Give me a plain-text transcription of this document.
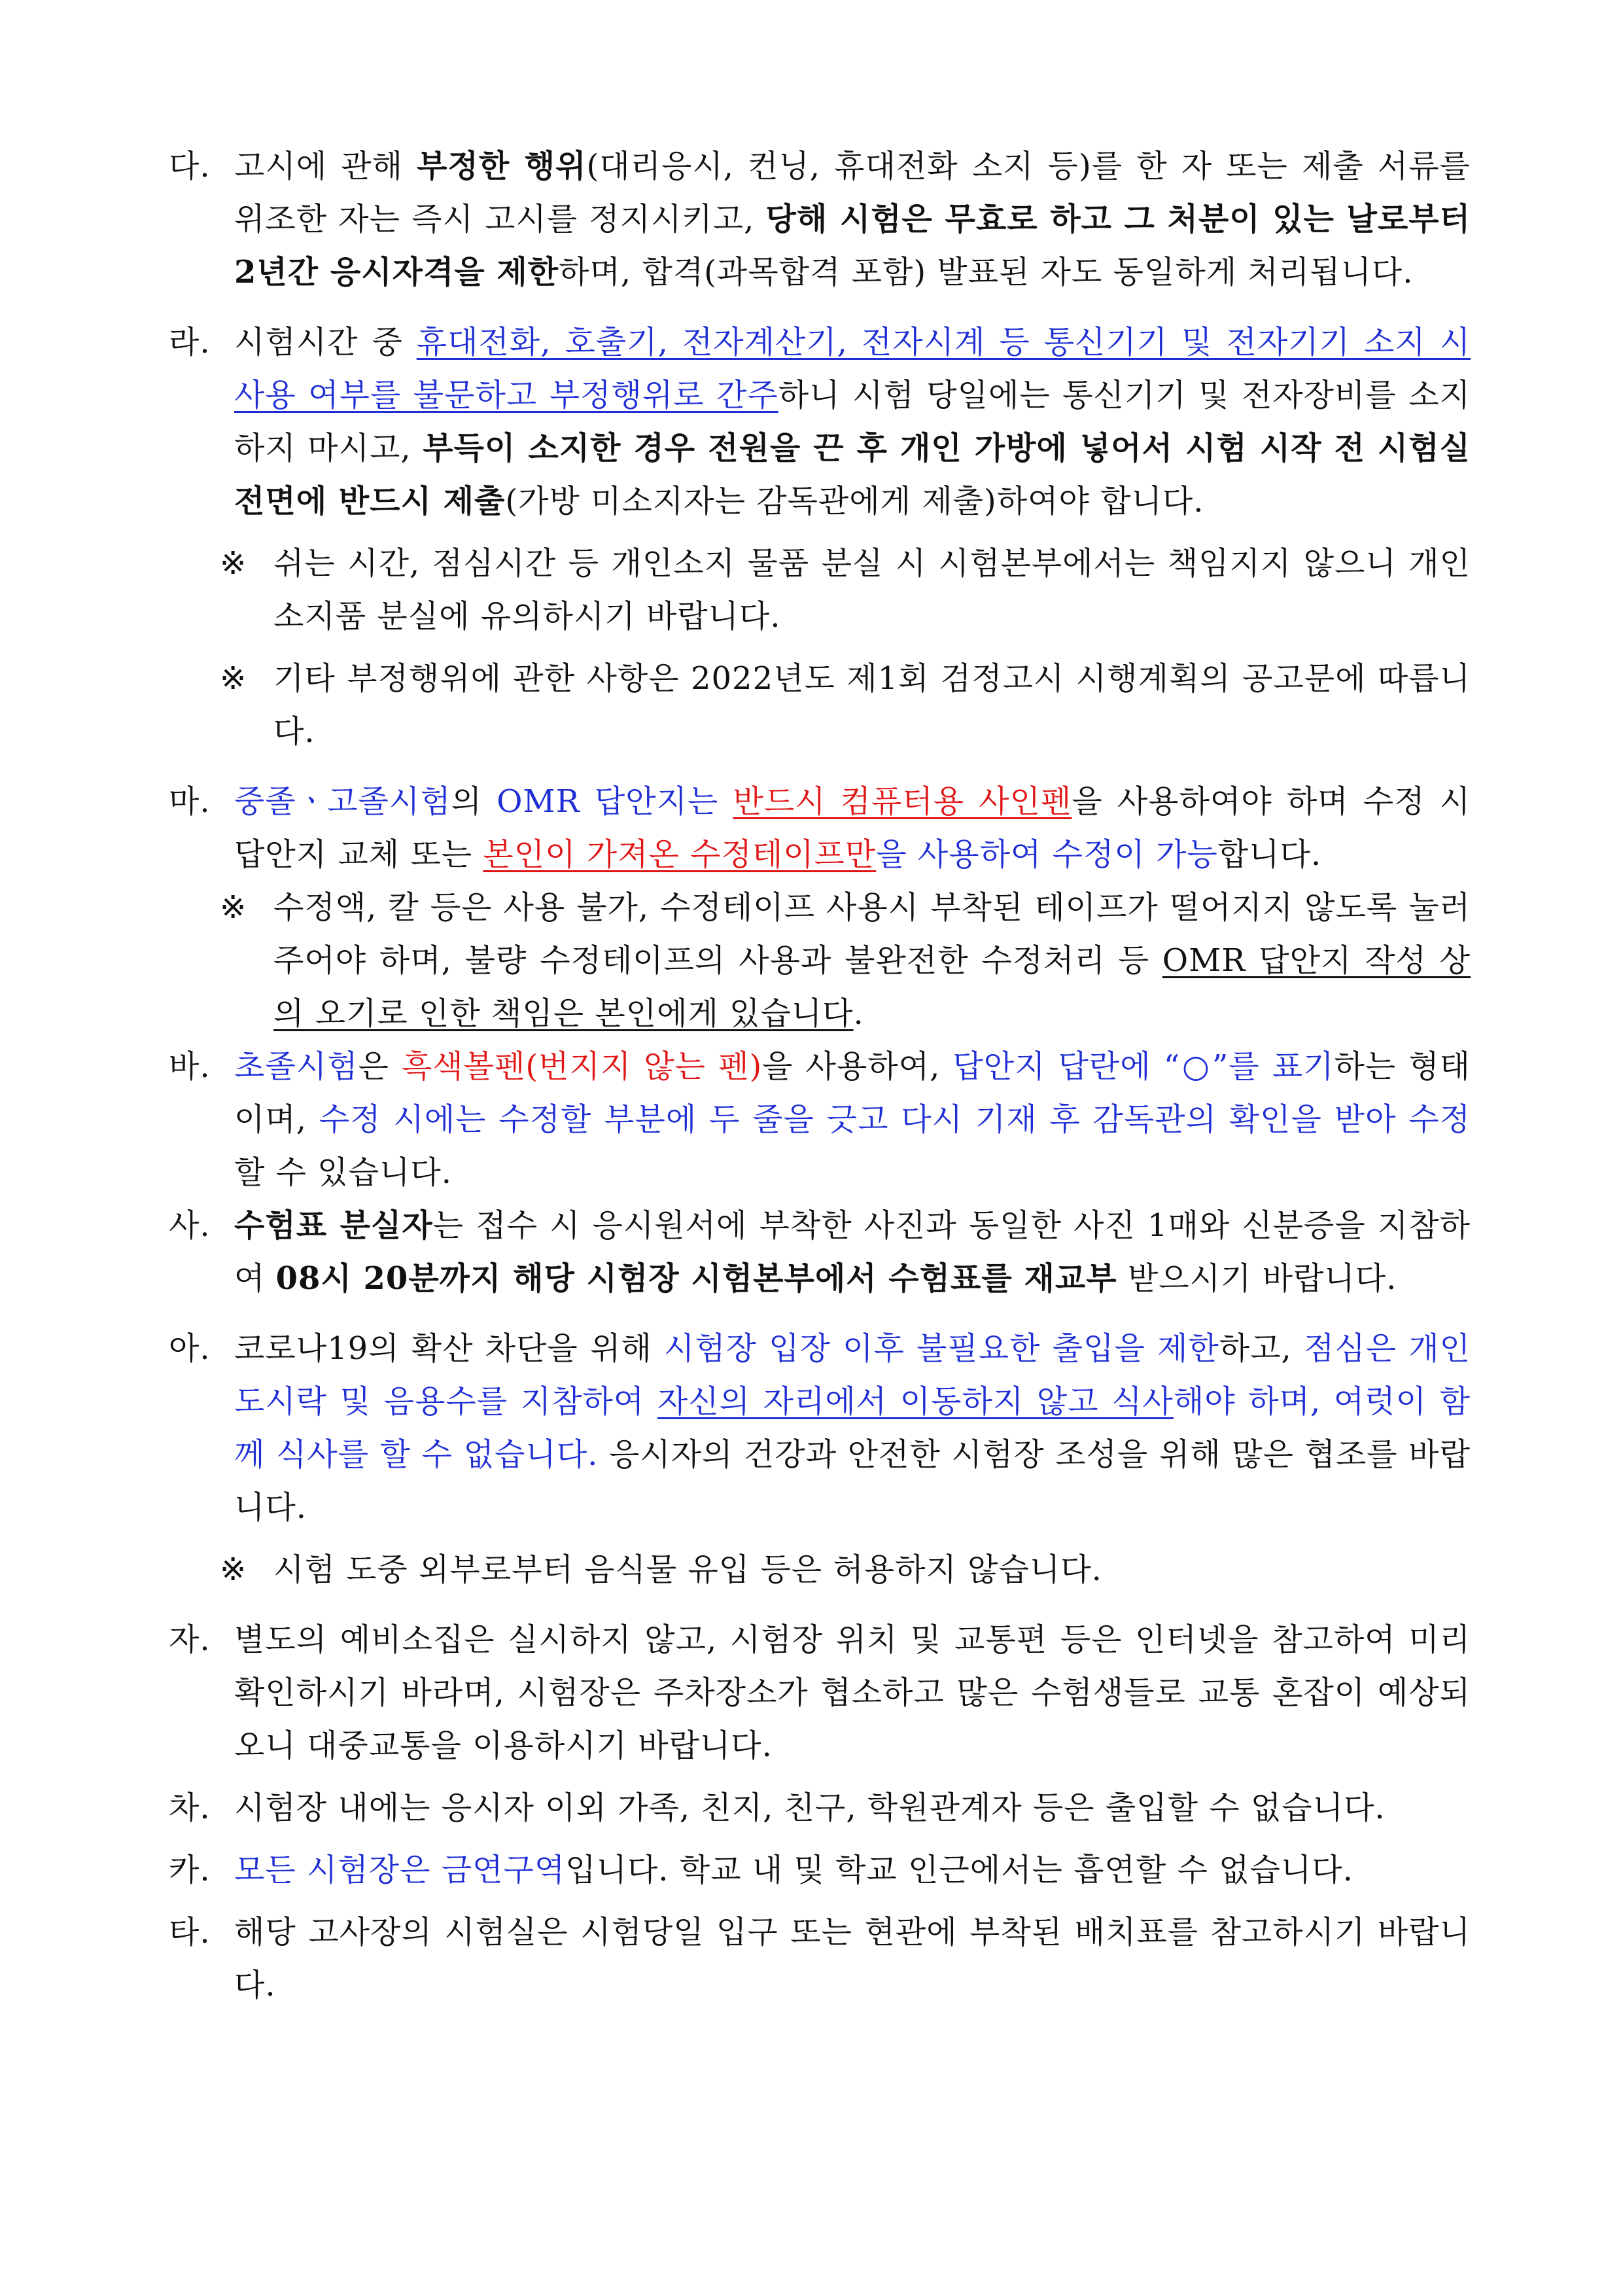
다. 고시에 관해 부정한 행위(대리응시, 컨닝, 휴대전화 소지 등)를 한 자 또는 제출 서류를 위조한 자는 즉시 고시를 정지시키고, 당해 시험은 무효로 하고 그 처분이 있는 날로부터 2년간 응시자격을 제한하며, 합격(과목합격 포함) 발표된 자도 동일하게 처리됩니다.
라. 시험시간 중 휴대전화, 호출기, 전자계산기, 전자시계 등 통신기기 및 전자기기 소지 시 사용 여부를 불문하고 부정행위로 간주하니 시험 당일에는 통신기기 및 전자장비를 소지하지 마시고, 부득이 소지한 경우 전원을 끈 후 개인 가방에 넣어서 시험 시작 전 시험실 전면에 반드시 제출(가방 미소지자는 감독관에게 제출)하여야 합니다.
※ 쉬는 시간, 점심시간 등 개인소지 물품 분실 시 시험본부에서는 책임지지 않으니 개인소지품 분실에 유의하시기 바랍니다.
※ 기타 부정행위에 관한 사항은 2022년도 제1회 검정고시 시행계획의 공고문에 따릅니다.
마. 중졸ㆍ고졸시험의 OMR 답안지는 반드시 컴퓨터용 사인펜을 사용하여야 하며 수정 시 답안지 교체 또는 본인이 가져온 수정테이프만을 사용하여 수정이 가능합니다.
※ 수정액, 칼 등은 사용 불가, 수정테이프 사용시 부착된 테이프가 떨어지지 않도록 눌러주어야 하며, 불량 수정테이프의 사용과 불완전한 수정처리 등 OMR 답안지 작성 상의 오기로 인한 책임은 본인에게 있습니다.
바. 초졸시험은 흑색볼펜(번지지 않는 펜)을 사용하여, 답안지 답란에 “○”를 표기하는 형태이며, 수정 시에는 수정할 부분에 두 줄을 긋고 다시 기재 후 감독관의 확인을 받아 수정할 수 있습니다.
사. 수험표 분실자는 접수 시 응시원서에 부착한 사진과 동일한 사진 1매와 신분증을 지참하여 08시 20분까지 해당 시험장 시험본부에서 수험표를 재교부 받으시기 바랍니다.
아. 코로나19의 확산 차단을 위해 시험장 입장 이후 불필요한 출입을 제한하고, 점심은 개인 도시락 및 음용수를 지참하여 자신의 자리에서 이동하지 않고 식사해야 하며, 여럿이 함께 식사를 할 수 없습니다. 응시자의 건강과 안전한 시험장 조성을 위해 많은 협조를 바랍니다.
※ 시험 도중 외부로부터 음식물 유입 등은 허용하지 않습니다.
자. 별도의 예비소집은 실시하지 않고, 시험장 위치 및 교통편 등은 인터넷을 참고하여 미리 확인하시기 바라며, 시험장은 주차장소가 협소하고 많은 수험생들로 교통 혼잡이 예상되오니 대중교통을 이용하시기 바랍니다.
차. 시험장 내에는 응시자 이외 가족, 친지, 친구, 학원관계자 등은 출입할 수 없습니다.
카. 모든 시험장은 금연구역입니다. 학교 내 및 학교 인근에서는 흡연할 수 없습니다.
타. 해당 고사장의 시험실은 시험당일 입구 또는 현관에 부착된 배치표를 참고하시기 바랍니다.
